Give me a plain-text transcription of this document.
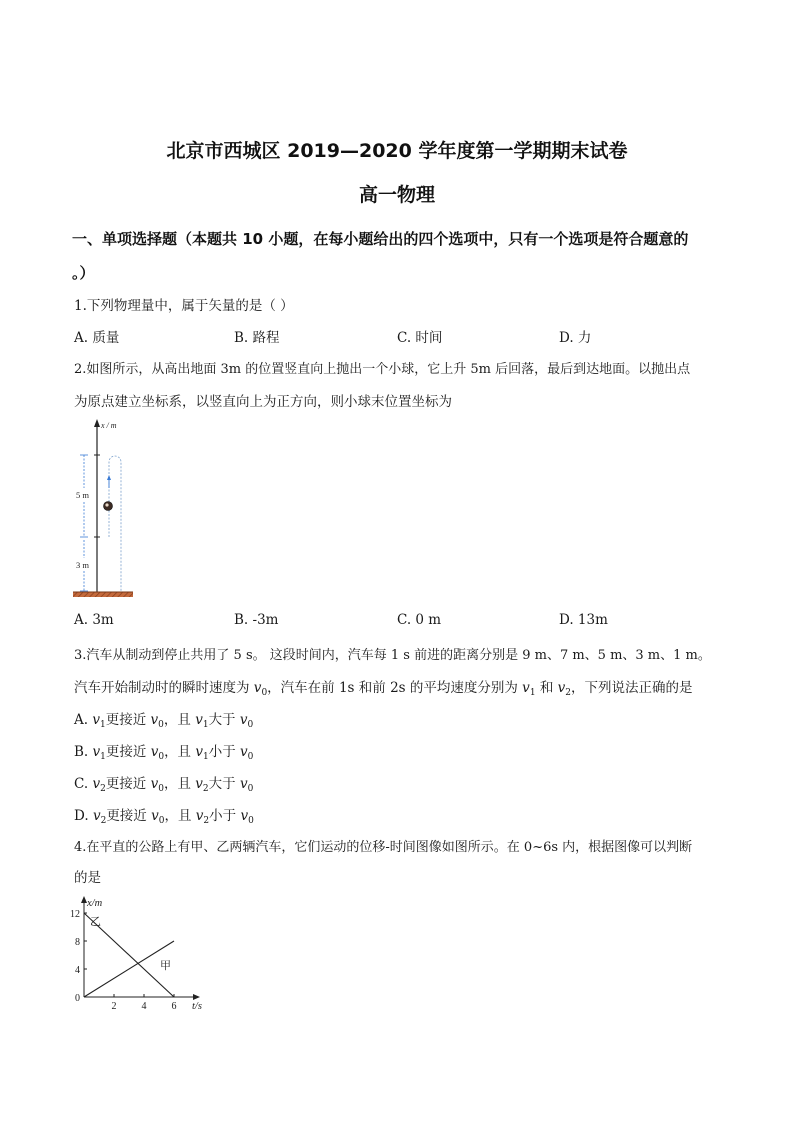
北京市西城区 2019—2020 学年度第一学期期末试卷
高一物理
一、单项选择题（本题共 10 小题，在每小题给出的四个选项中，只有一个选项是符合题意的
。）
1.下列物理量中，属于矢量的是（ ）
A. 质量	B. 路程	C. 时间	D. 力
2.如图所示，从高出地面 3m 的位置竖直向上抛出一个小球，它上升 5m 后回落，最后到达地面。以抛出点
为原点建立坐标系，以竖直向上为正方向，则小球末位置坐标为
x / m
5 m
3 m
A. 3m	B. -3m	C. 0 m	D. 13m
3.汽车从制动到停止共用了 5 s。 这段时间内，汽车每 1 s 前进的距离分别是 9 m、7 m、5 m、3 m、1 m。
汽车开始制动时的瞬时速度为 $v_0$，汽车在前 1s 和前 2s 的平均速度分别为 $v_1$ 和 $v_2$，下列说法正确的是
A. $v_1$更接近 $v_0$，且 $v_1$大于 $v_0$
B. $v_1$更接近 $v_0$，且 $v_1$小于 $v_0$
C. $v_2$更接近 $v_0$，且 $v_2$大于 $v_0$
D. $v_2$更接近 $v_0$，且 $v_2$小于 $v_0$
4.在平直的公路上有甲、乙两辆汽车，它们运动的位移-时间图像如图所示。在 0~6s 内，根据图像可以判断
的是
0
4
8
12
2	4	6
x/m
t/s
乙
甲
